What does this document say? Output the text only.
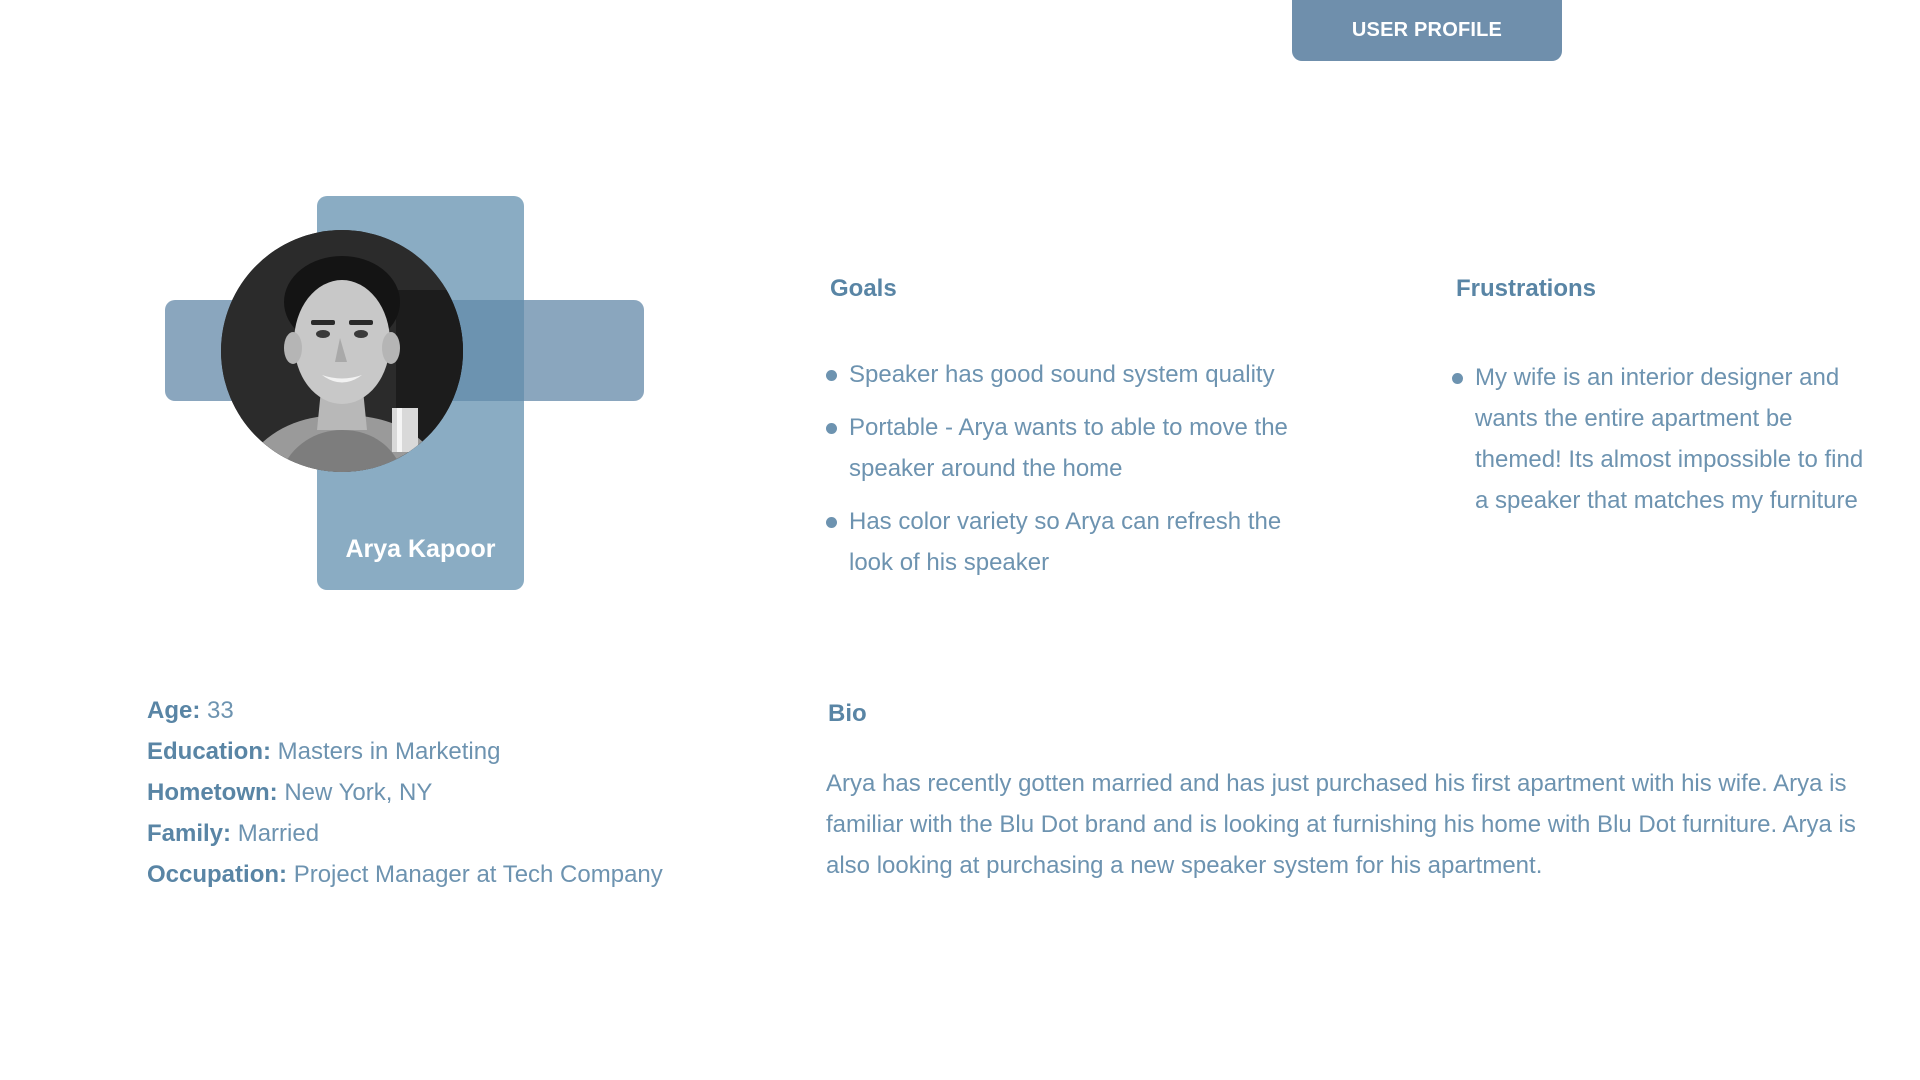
USER PROFILE
Arya Kapoor
Goals
Speaker has good sound system quality
Portable - Arya wants to able to move the speaker around the home
Has color variety so Arya can refresh the look of his speaker
Frustrations
My wife is an interior designer and wants the entire apartment be themed! Its almost impossible to find a speaker that matches my furniture
Age: 33
Education: Masters in Marketing
Hometown: New York, NY
Family: Married
Occupation: Project Manager at Tech Company
Bio
Arya has recently gotten married and has just purchased his first apartment with his wife. Arya is familiar with the Blu Dot brand and is looking at furnishing his home with Blu Dot furniture. Arya is also looking at purchasing a new speaker system for his apartment.
